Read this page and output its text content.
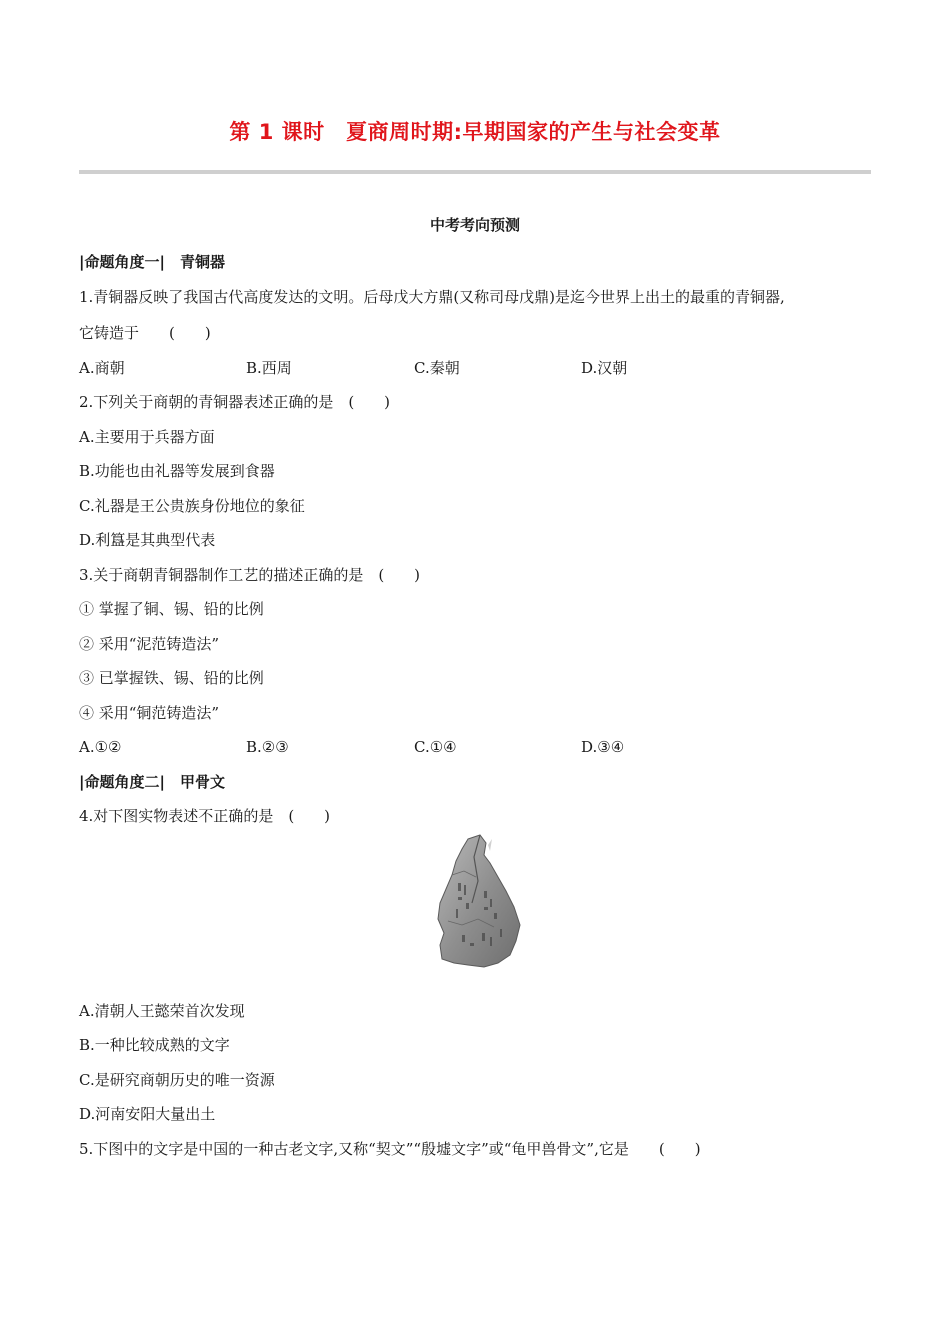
第 1 课时　夏商周时期:早期国家的产生与社会变革
中考考向预测
|命题角度一|　青铜器
1.青铜器反映了我国古代高度发达的文明。后母戊大方鼎(又称司母戊鼎)是迄今世界上出土的最重的青铜器,
它铸造于　　(　　)
A.商朝	B.西周	C.秦朝	D.汉朝
2.下列关于商朝的青铜器表述正确的是　(　　)
A.主要用于兵器方面
B.功能也由礼器等发展到食器
C.礼器是王公贵族身份地位的象征
D.利簋是其典型代表
3.关于商朝青铜器制作工艺的描述正确的是　(　　)
① 掌握了铜、锡、铅的比例
② 采用“泥范铸造法”
③ 已掌握铁、锡、铅的比例
④ 采用“铜范铸造法”
A.①②	B.②③	C.①④	D.③④
|命题角度二|　甲骨文
4.对下图实物表述不正确的是　(　　)
A.清朝人王懿荣首次发现
B.一种比较成熟的文字
C.是研究商朝历史的唯一资源
D.河南安阳大量出土
5.下图中的文字是中国的一种古老文字,又称“契文”“殷墟文字”或“龟甲兽骨文”,它是　　(　　)
